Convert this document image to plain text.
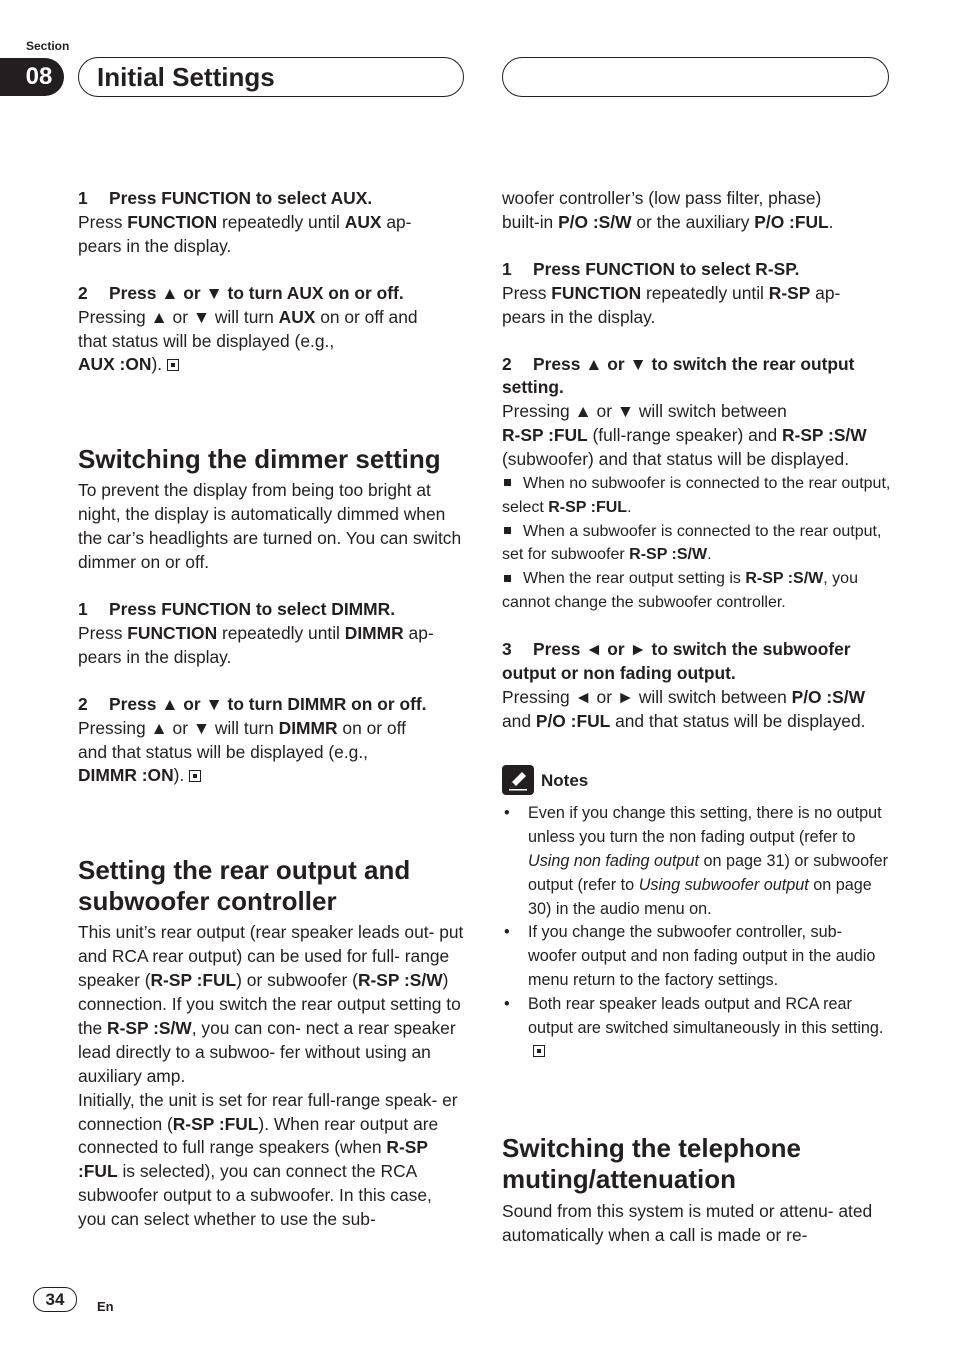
Section
08	Initial Settings

1 Press FUNCTION to select AUX.

Press FUNCTION repeatedly until AUX ap-
pears in the display.

2 Press ▲ or ▼ to turn AUX on or off.

Pressing ▲ or ▼ will turn AUX on or off and
that status will be displayed (e.g.,
AUX :ON).

Switching the dimmer setting

To prevent the display from being too bright at night, the display is automatically dimmed when the car’s headlights are turned on. You can switch dimmer on or off.

1 Press FUNCTION to select DIMMR.

Press FUNCTION repeatedly until DIMMR ap-
pears in the display.

2 Press ▲ or ▼ to turn DIMMR on or off.

Pressing ▲ or ▼ will turn DIMMR on or off
and that status will be displayed (e.g.,
DIMMR :ON).

Setting the rear output and
subwoofer controller

This unit’s rear output (rear speaker leads out- put and RCA rear output) can be used for full- range speaker (R-SP :FUL) or subwoofer (R-SP :S/W) connection. If you switch the rear output setting to the R-SP :S/W, you can con- nect a rear speaker lead directly to a subwoo- fer without using an auxiliary amp.

Initially, the unit is set for rear full-range speak- er connection (R-SP :FUL). When rear output are connected to full range speakers (when R-SP :FUL is selected), you can connect the RCA subwoofer output to a subwoofer. In this case, you can select whether to use the sub-

woofer controller’s (low pass filter, phase)
built-in P/O :S/W or the auxiliary P/O :FUL.

1 Press FUNCTION to select R-SP.

Press FUNCTION repeatedly until R-SP ap-
pears in the display.

2 Press ▲ or ▼ to switch the rear output
setting.

Pressing ▲ or ▼ will switch between
R-SP :FUL (full-range speaker) and R-SP :S/W
(subwoofer) and that status will be displayed.

When no subwoofer is connected to the rear output, select R-SP :FUL.

When a subwoofer is connected to the rear output, set for subwoofer R-SP :S/W.

When the rear output setting is R-SP :S/W, you cannot change the subwoofer controller.

3 Press ◄ or ► to switch the subwoofer
output or non fading output.

Pressing ◄ or ► will switch between P/O :S/W
and P/O :FUL and that status will be displayed.

Notes
• Even if you change this setting, there is no output unless you turn the non fading output (refer to Using non fading output on page 31) or subwoofer output (refer to Using subwoofer output on page 30) in the audio menu on.
• If you change the subwoofer controller, sub- woofer output and non fading output in the audio menu return to the factory settings.
• Both rear speaker leads output and RCA rear output are switched simultaneously in this setting.
Switching the telephone
muting/attenuation

Sound from this system is muted or attenu- ated automatically when a call is made or re-

34	En
